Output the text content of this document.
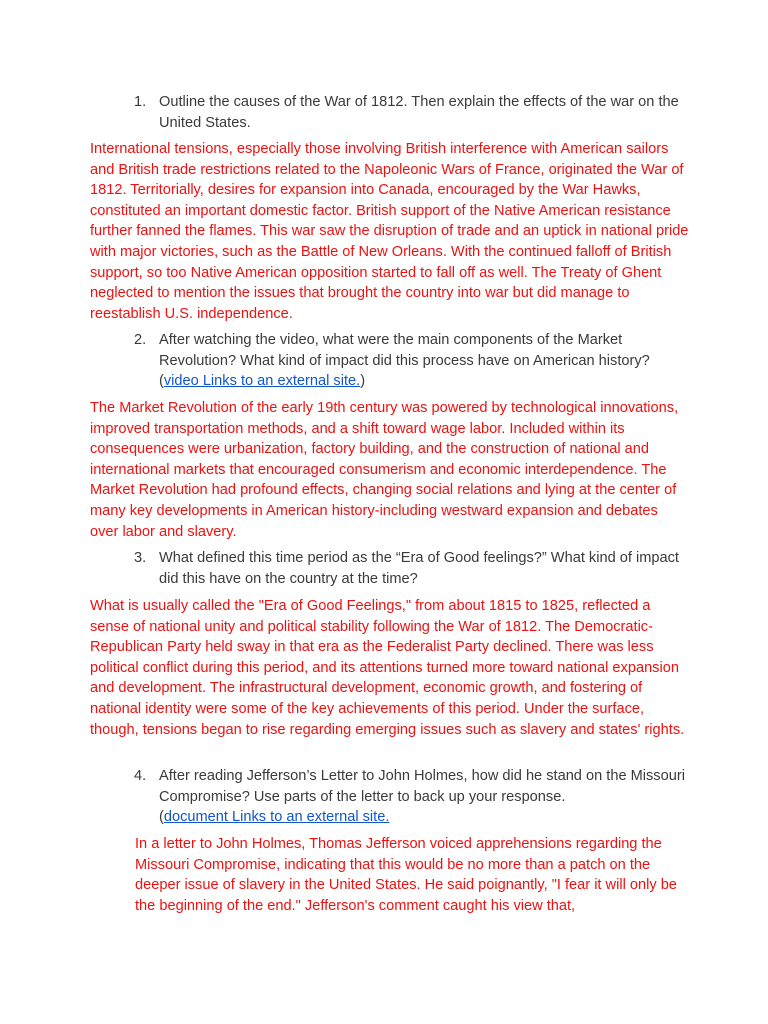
1. Outline the causes of the War of 1812. Then explain the effects of the war on the United States.
International tensions, especially those involving British interference with American sailors and British trade restrictions related to the Napoleonic Wars of France, originated the War of 1812. Territorially, desires for expansion into Canada, encouraged by the War Hawks, constituted an important domestic factor. British support of the Native American resistance further fanned the flames. This war saw the disruption of trade and an uptick in national pride with major victories, such as the Battle of New Orleans. With the continued falloff of British support, so too Native American opposition started to fall off as well. The Treaty of Ghent neglected to mention the issues that brought the country into war but did manage to reestablish U.S. independence.
2. After watching the video, what were the main components of the Market Revolution? What kind of impact did this process have on American history?
(video Links to an external site.)
The Market Revolution of the early 19th century was powered by technological innovations, improved transportation methods, and a shift toward wage labor. Included within its consequences were urbanization, factory building, and the construction of national and international markets that encouraged consumerism and economic interdependence. The Market Revolution had profound effects, changing social relations and lying at the center of many key developments in American history-including westward expansion and debates over labor and slavery.
3. What defined this time period as the “Era of Good feelings?” What kind of impact did this have on the country at the time?
What is usually called the "Era of Good Feelings," from about 1815 to 1825, reflected a sense of national unity and political stability following the War of 1812. The Democratic-Republican Party held sway in that era as the Federalist Party declined. There was less political conflict during this period, and its attentions turned more toward national expansion and development. The infrastructural development, economic growth, and fostering of national identity were some of the key achievements of this period. Under the surface, though, tensions began to rise regarding emerging issues such as slavery and states' rights.
4. After reading Jefferson’s Letter to John Holmes, how did he stand on the Missouri Compromise? Use parts of the letter to back up your response.
(document Links to an external site.
In a letter to John Holmes, Thomas Jefferson voiced apprehensions regarding the Missouri Compromise, indicating that this would be no more than a patch on the deeper issue of slavery in the United States. He said poignantly, "I fear it will only be the beginning of the end." Jefferson's comment caught his view that,
